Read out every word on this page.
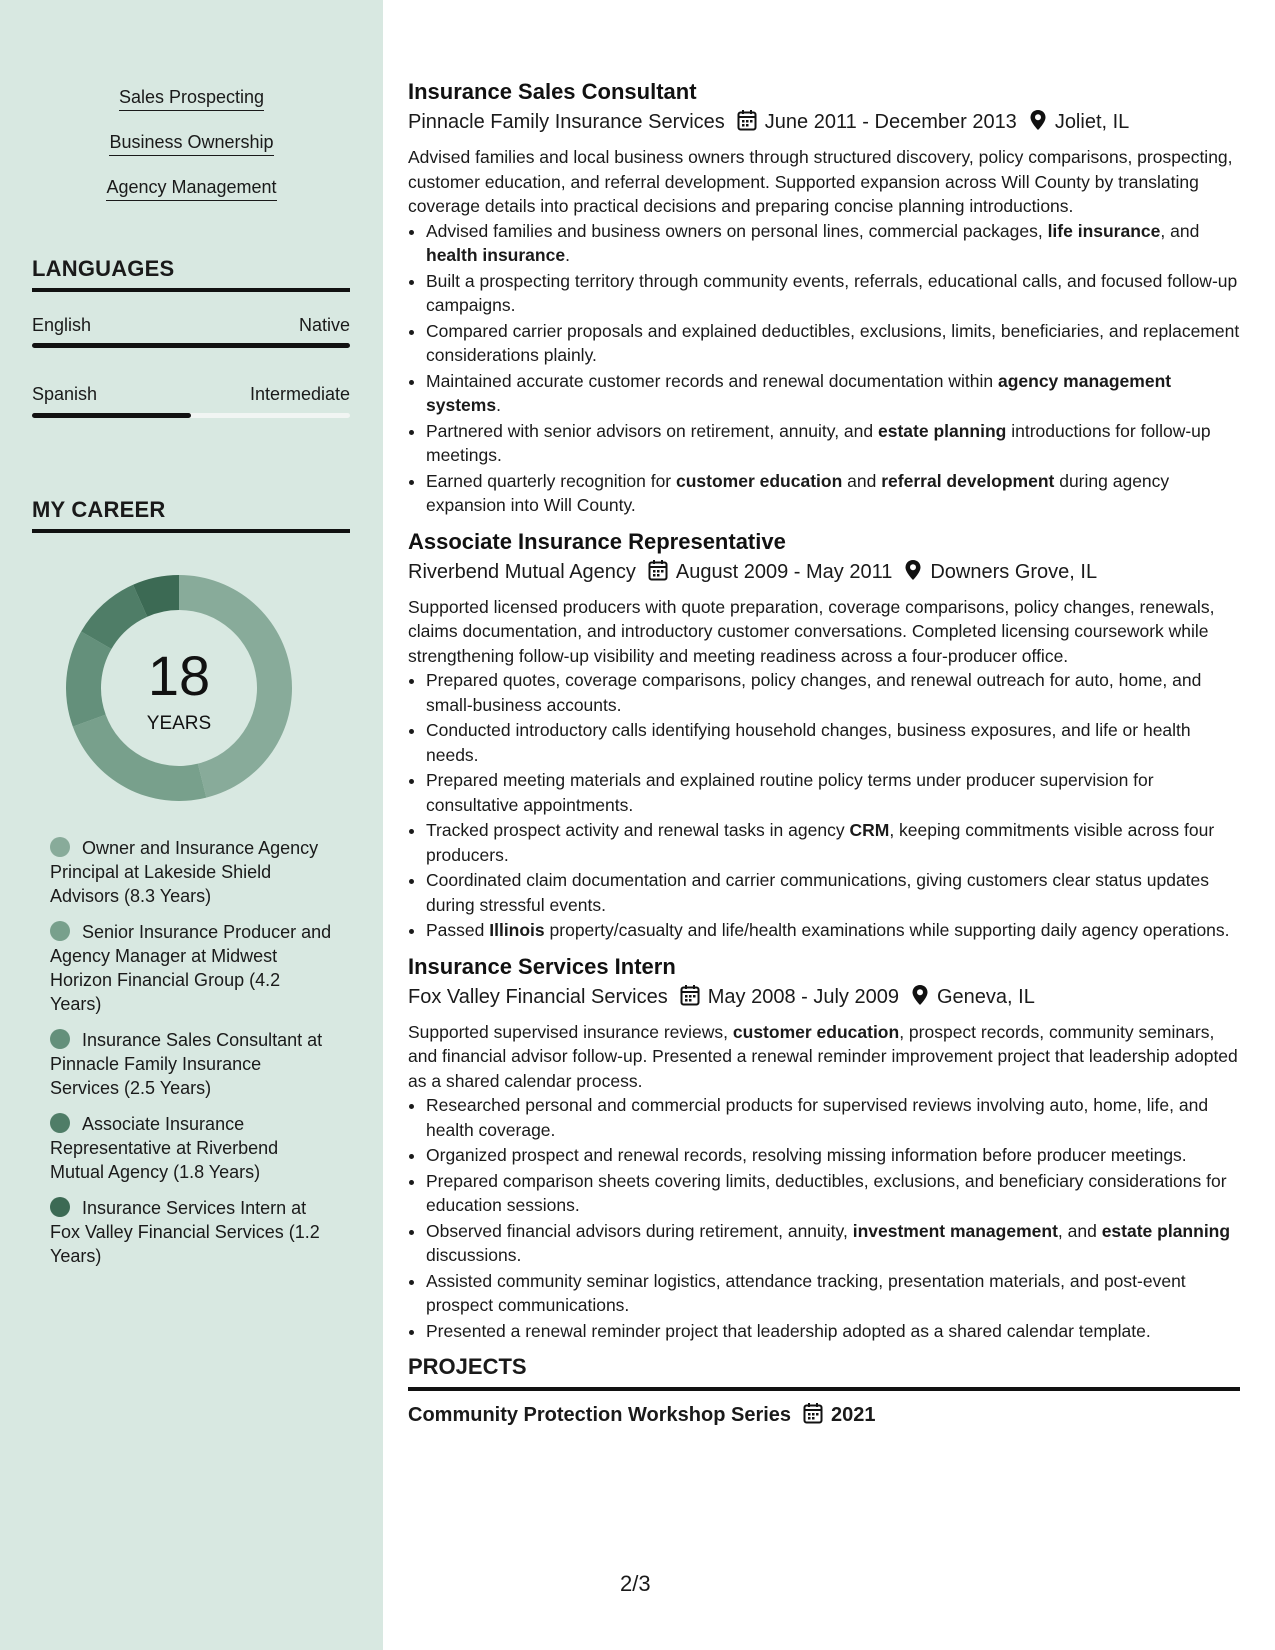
Sales Prospecting
Business Ownership
Agency Management
LANGUAGES
English	Native
Spanish	Intermediate
MY CAREER
18
YEARS
Owner and Insurance Agency Principal at Lakeside Shield Advisors (8.3 Years)
Senior Insurance Producer and Agency Manager at Midwest Horizon Financial Group (4.2 Years)
Insurance Sales Consultant at Pinnacle Family Insurance Services (2.5 Years)
Associate Insurance Representative at Riverbend Mutual Agency (1.8 Years)
Insurance Services Intern at Fox Valley Financial Services (1.2 Years)
Insurance Sales Consultant
Pinnacle Family Insurance Services June 2011 - December 2013 Joliet, IL
Advised families and local business owners through structured discovery, policy comparisons, prospecting, customer education, and referral development. Supported expansion across Will County by translating coverage details into practical decisions and preparing concise planning introductions.
• Advised families and business owners on personal lines, commercial packages, life insurance, and health insurance.
• Built a prospecting territory through community events, referrals, educational calls, and focused follow-up campaigns.
• Compared carrier proposals and explained deductibles, exclusions, limits, beneficiaries, and replacement considerations plainly.
• Maintained accurate customer records and renewal documentation within agency management systems.
• Partnered with senior advisors on retirement, annuity, and estate planning introductions for follow-up meetings.
• Earned quarterly recognition for customer education and referral development during agency expansion into Will County.
Associate Insurance Representative
Riverbend Mutual Agency August 2009 - May 2011 Downers Grove, IL
Supported licensed producers with quote preparation, coverage comparisons, policy changes, renewals, claims documentation, and introductory customer conversations. Completed licensing coursework while strengthening follow-up visibility and meeting readiness across a four-producer office.
• Prepared quotes, coverage comparisons, policy changes, and renewal outreach for auto, home, and small-business accounts.
• Conducted introductory calls identifying household changes, business exposures, and life or health needs.
• Prepared meeting materials and explained routine policy terms under producer supervision for consultative appointments.
• Tracked prospect activity and renewal tasks in agency CRM, keeping commitments visible across four producers.
• Coordinated claim documentation and carrier communications, giving customers clear status updates during stressful events.
• Passed Illinois property/casualty and life/health examinations while supporting daily agency operations.
Insurance Services Intern
Fox Valley Financial Services May 2008 - July 2009 Geneva, IL
Supported supervised insurance reviews, customer education, prospect records, community seminars, and financial advisor follow-up. Presented a renewal reminder improvement project that leadership adopted as a shared calendar process.
• Researched personal and commercial products for supervised reviews involving auto, home, life, and health coverage.
• Organized prospect and renewal records, resolving missing information before producer meetings.
• Prepared comparison sheets covering limits, deductibles, exclusions, and beneficiary considerations for education sessions.
• Observed financial advisors during retirement, annuity, investment management, and estate planning discussions.
• Assisted community seminar logistics, attendance tracking, presentation materials, and post-event prospect communications.
• Presented a renewal reminder project that leadership adopted as a shared calendar template.
PROJECTS
Community Protection Workshop Series 2021
2/3
